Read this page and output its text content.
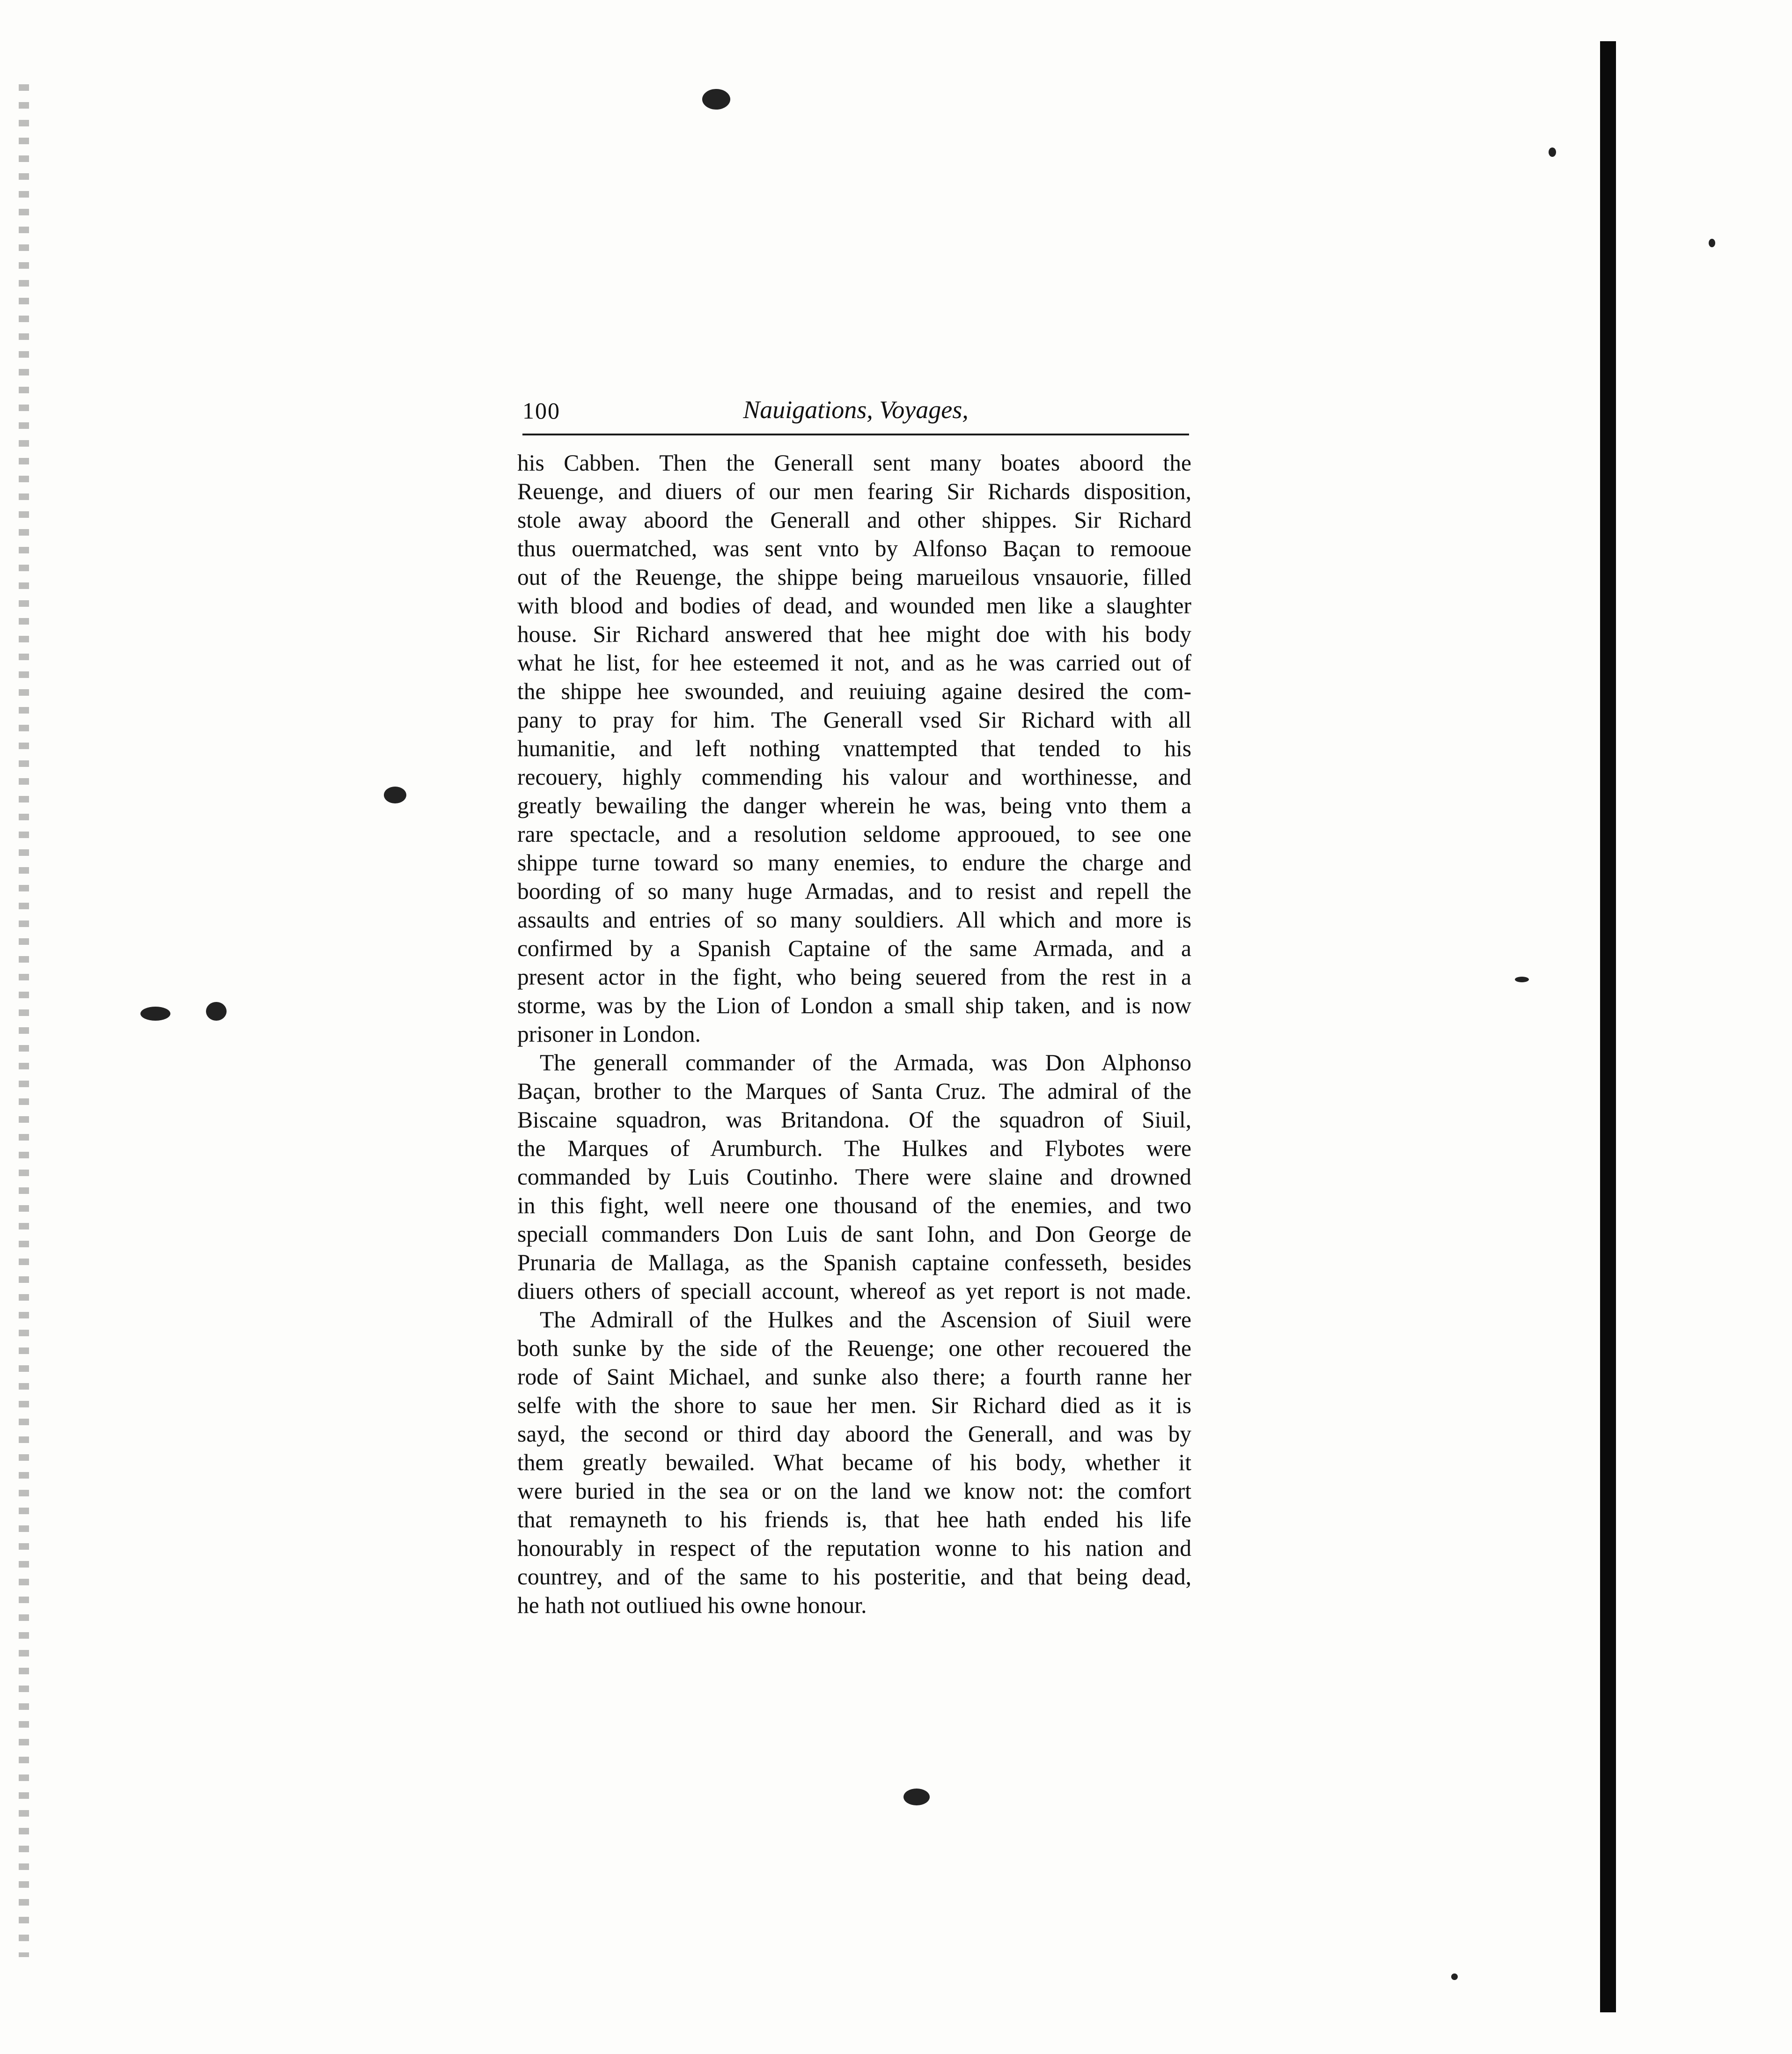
100	Nauigations, Voyages,
his Cabben. Then the Generall sent many boates aboord the
Reuenge, and diuers of our men fearing Sir Richards disposition,
stole away aboord the Generall and other shippes. Sir Richard
thus ouermatched, was sent vnto by Alfonso Baçan to remooue
out of the Reuenge, the shippe being marueilous vnsauorie, filled
with blood and bodies of dead, and wounded men like a slaughter
house. Sir Richard answered that hee might doe with his body
what he list, for hee esteemed it not, and as he was carried out of
the shippe hee swounded, and reuiuing againe desired the com-
pany to pray for him. The Generall vsed Sir Richard with all
humanitie, and left nothing vnattempted that tended to his
recouery, highly commending his valour and worthinesse, and
greatly bewailing the danger wherein he was, being vnto them a
rare spectacle, and a resolution seldome approoued, to see one
shippe turne toward so many enemies, to endure the charge and
boording of so many huge Armadas, and to resist and repell the
assaults and entries of so many souldiers. All which and more is
confirmed by a Spanish Captaine of the same Armada, and a
present actor in the fight, who being seuered from the rest in a
storme, was by the Lion of London a small ship taken, and is now
prisoner in London.
The generall commander of the Armada, was Don Alphonso
Baçan, brother to the Marques of Santa Cruz. The admiral of the
Biscaine squadron, was Britandona. Of the squadron of Siuil,
the Marques of Arumburch. The Hulkes and Flybotes were
commanded by Luis Coutinho. There were slaine and drowned
in this fight, well neere one thousand of the enemies, and two
speciall commanders Don Luis de sant Iohn, and Don George de
Prunaria de Mallaga, as the Spanish captaine confesseth, besides
diuers others of speciall account, whereof as yet report is not made.
The Admirall of the Hulkes and the Ascension of Siuil were
both sunke by the side of the Reuenge; one other recouered the
rode of Saint Michael, and sunke also there; a fourth ranne her
selfe with the shore to saue her men. Sir Richard died as it is
sayd, the second or third day aboord the Generall, and was by
them greatly bewailed. What became of his body, whether it
were buried in the sea or on the land we know not: the comfort
that remayneth to his friends is, that hee hath ended his life
honourably in respect of the reputation wonne to his nation and
countrey, and of the same to his posteritie, and that being dead,
he hath not outliued his owne honour.
